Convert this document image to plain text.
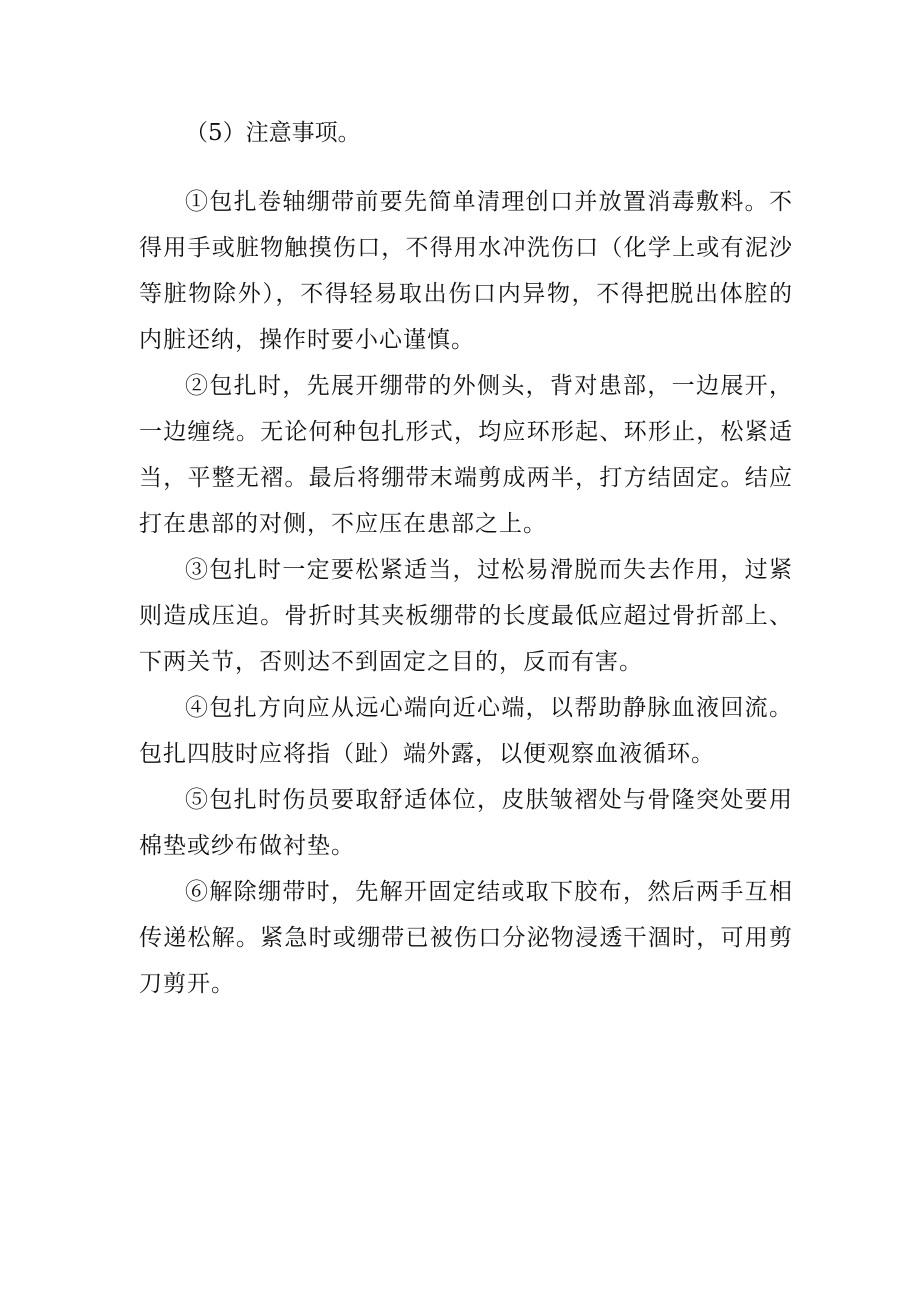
（5）注意事项。

①包扎卷轴绷带前要先简单清理创口并放置消毒敷料。不得用手或脏物触摸伤口，不得用水冲洗伤口（化学上或有泥沙等脏物除外），不得轻易取出伤口内异物，不得把脱出体腔的内脏还纳，操作时要小心谨慎。

②包扎时，先展开绷带的外侧头，背对患部，一边展开，一边缠绕。无论何种包扎形式，均应环形起、环形止，松紧适当，平整无褶。最后将绷带末端剪成两半，打方结固定。结应打在患部的对侧，不应压在患部之上。

③包扎时一定要松紧适当，过松易滑脱而失去作用，过紧则造成压迫。骨折时其夹板绷带的长度最低应超过骨折部上、下两关节，否则达不到固定之目的，反而有害。

④包扎方向应从远心端向近心端，以帮助静脉血液回流。包扎四肢时应将指（趾）端外露，以便观察血液循环。

⑤包扎时伤员要取舒适体位，皮肤皱褶处与骨隆突处要用棉垫或纱布做衬垫。

⑥解除绷带时，先解开固定结或取下胶布，然后两手互相传递松解。紧急时或绷带已被伤口分泌物浸透干涸时，可用剪刀剪开。
